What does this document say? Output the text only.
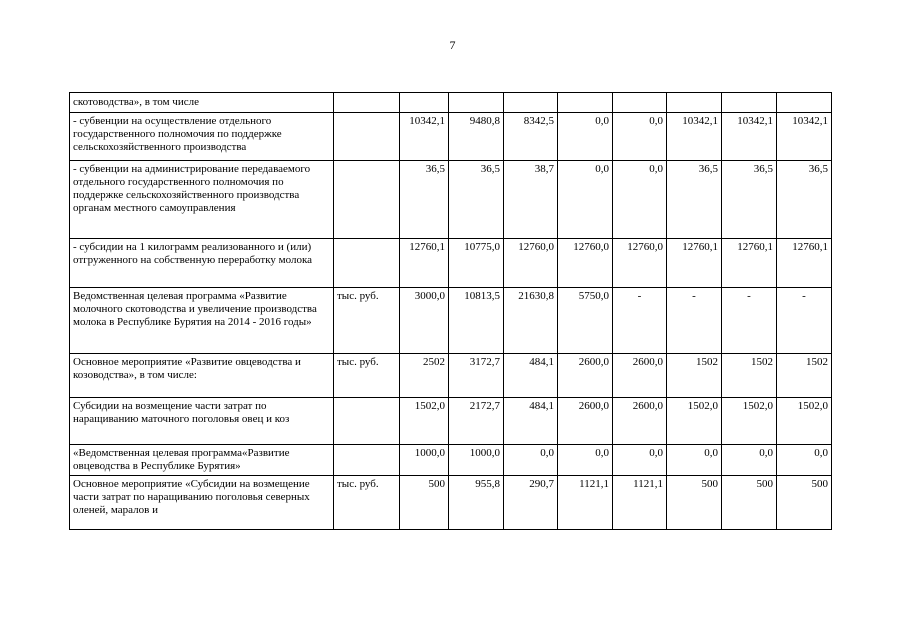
7
скотоводства», в том числе									
- субвенции на осуществление отдельного государственного полномочия по поддержке сельскохозяйственного производства		10342,1	9480,8	8342,5	0,0	0,0	10342,1	10342,1	10342,1
- субвенции на администрирование передаваемого отдельного государственного полномочия по поддержке сельскохозяйственного производства органам местного самоуправления		36,5	36,5	38,7	0,0	0,0	36,5	36,5	36,5
- субсидии на 1 килограмм реализованного и (или) отгруженного на собственную переработку молока		12760,1	10775,0	12760,0	12760,0	12760,0	12760,1	12760,1	12760,1
Ведомственная целевая программа «Развитие молочного скотоводства и увеличение производства молока в Республике Бурятия на 2014 - 2016 годы»	тыс. руб.	3000,0	10813,5	21630,8	5750,0	-	-	-	-
Основное мероприятие «Развитие овцеводства и козоводства», в том числе:	тыс. руб.	2502	3172,7	484,1	2600,0	2600,0	1502	1502	1502
Субсидии на возмещение части затрат по наращиванию маточного поголовья овец и коз		1502,0	2172,7	484,1	2600,0	2600,0	1502,0	1502,0	1502,0
«Ведомственная целевая программа«Развитие овцеводства в Республике Бурятия»		1000,0	1000,0	0,0	0,0	0,0	0,0	0,0	0,0
Основное мероприятие «Субсидии на возмещение части затрат по наращиванию поголовья северных оленей, маралов и	тыс. руб.	500	955,8	290,7	1121,1	1121,1	500	500	500
